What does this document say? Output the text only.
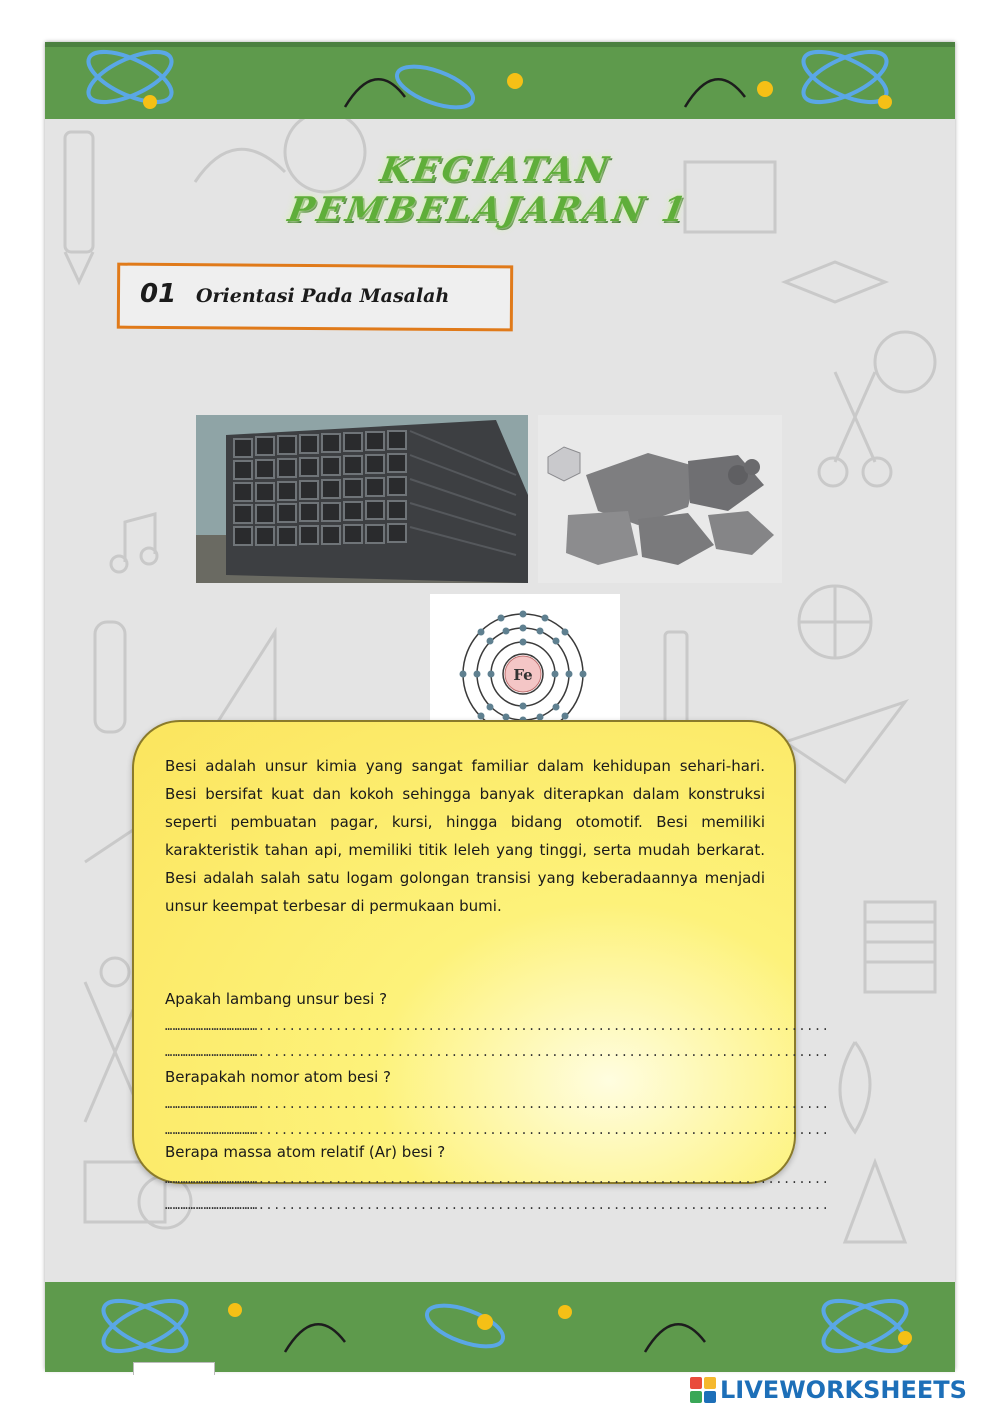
KEGIATAN PEMBELAJARAN 1
01 Orientasi Pada Masalah
Fe
Besi adalah unsur kimia yang sangat familiar dalam kehidupan sehari-hari. Besi bersifat kuat dan kokoh sehingga banyak diterapkan dalam konstruksi seperti pembuatan pagar, kursi, hingga bidang otomotif. Besi memiliki karakteristik tahan api, memiliki titik leleh yang tinggi, serta mudah berkarat. Besi adalah salah satu logam golongan transisi yang keberadaannya menjadi unsur keempat terbesar di permukaan bumi.
Apakah lambang unsur besi ?
………………………………..........................................................................
………………………………..........................................................................
Berapakah nomor atom besi ?
………………………………..........................................................................
………………………………..........................................................................
Berapa massa atom relatif (Ar) besi ?
………………………………..........................................................................
………………………………..........................................................................
LIVEWORKSHEETS
